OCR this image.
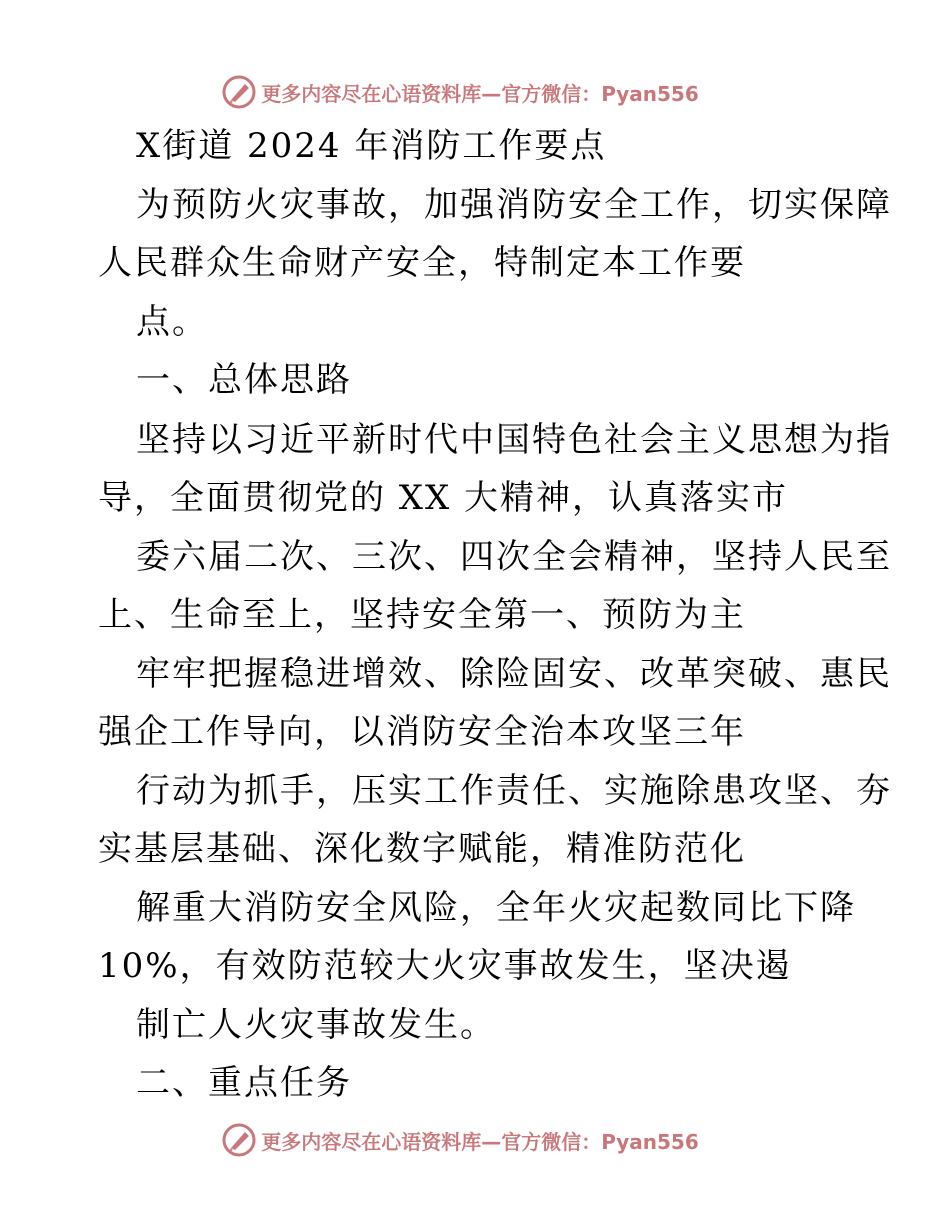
更多内容尽在心语资料库—官方微信：Pyan556
X街道 2024 年消防工作要点
为预防火灾事故，加强消防安全工作，切实保障
人民群众生命财产安全，特制定本工作要
点。
一、总体思路
坚持以习近平新时代中国特色社会主义思想为指
导，全面贯彻党的 XX 大精神，认真落实市
委六届二次、三次、四次全会精神，坚持人民至
上、生命至上，坚持安全第一、预防为主
牢牢把握稳进增效、除险固安、改革突破、惠民
强企工作导向，以消防安全治本攻坚三年
行动为抓手，压实工作责任、实施除患攻坚、夯
实基层基础、深化数字赋能，精准防范化
解重大消防安全风险，全年火灾起数同比下降
10%，有效防范较大火灾事故发生，坚决遏
制亡人火灾事故发生。
二、重点任务
更多内容尽在心语资料库—官方微信：Pyan556
